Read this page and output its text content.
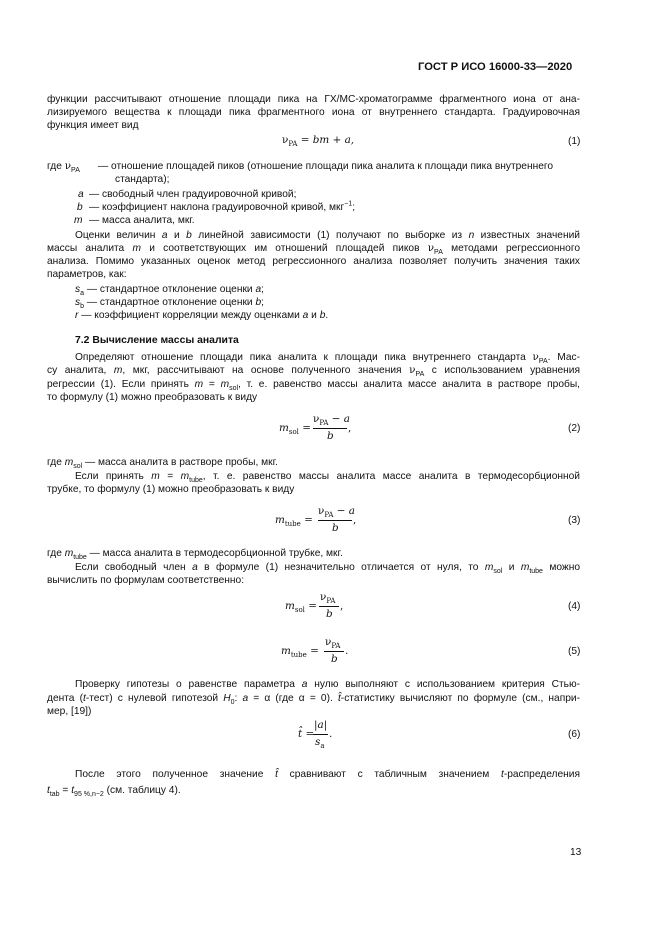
ГОСТ Р ИСО 16000-33—2020
функции рассчитывают отношение площади пика на ГХ/МС-хроматограмме фрагментного иона от ана-
лизируемого вещества к площади пика фрагментного иона от внутреннего стандарта. Градуировочная
функция имеет вид
$\nu_{PA}$ = bm + a,	(1)
где $\nu_{PA}$ — отношение площадей пиков (отношение площади пика аналита к площади пика внутреннего
стандарта);
a — свободный член градуировочной кривой;
b — коэффициент наклона градуировочной кривой, мкг$^{-1}$;
m — масса аналита, мкг.
Оценки величин a и b линейной зависимости (1) получают по выборке из n известных значений
массы аналита m и соответствующих им отношений площадей пиков $\nu_{PA}$ методами регрессионного
анализа. Помимо указанных оценок метод регрессионного анализа позволяет получить значения таких
параметров, как:
$s_a$ — стандартное отклонение оценки a;
$s_b$ — стандартное отклонение оценки b;
r — коэффициент корреляции между оценками a и b.
7.2 Вычисление массы аналита
Определяют отношение площади пика аналита к площади пика внутреннего стандарта $\nu_{PA}$. Мас-
су аналита, m, мкг, рассчитывают на основе полученного значения $\nu_{PA}$ с использованием уравнения
регрессии (1). Если принять $m = m_{sol}$, т. е. равенство массы аналита массе аналита в растворе пробы,
то формулу (1) можно преобразовать к виду
$m_{sol}$ =
$\nu_{PA} - a$
b
,	(2)
где $m_{sol}$ — масса аналита в растворе пробы, мкг.
Если принять $m = m_{tube}$, т. е. равенство массы аналита массе аналита в термодесорбционной
трубке, то формулу (1) можно преобразовать к виду
$m_{tube}$ =
$\nu_{PA} - a$
b
,	(3)
где $m_{tube}$ — масса аналита в термодесорбционной трубке, мкг.
Если свободный член a в формуле (1) незначительно отличается от нуля, то $m_{sol}$ и $m_{tube}$ можно
вычислить по формулам соответственно:
$m_{sol}$ =
$\nu_{PA}$
b
,	(4)
$m_{tube}$ =
$\nu_{PA}$
b
.	(5)
Проверку гипотезы о равенстве параметра a нулю выполняют с использованием критерия Стью-
дента (t-тест) с нулевой гипотезой $H_0$: a = α (где α = 0). t̂-статистику вычисляют по формуле (см., напри-
мер, [19])
t̂ =
|a|
$s_a$
.	(6)
После этого полученное значение t̂ сравнивают с табличным значением t-распределения
$t_{tab} = t_{95 \%,n-2}$ (см. таблицу 4).
13
